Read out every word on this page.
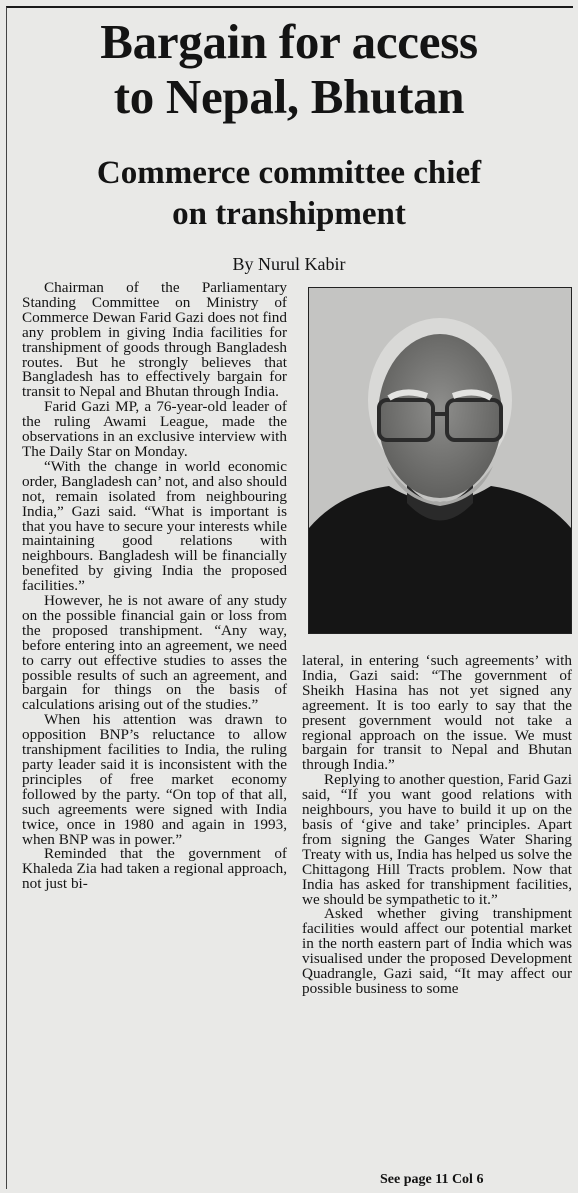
Bargain for access
to Nepal, Bhutan
Commerce committee chief
on transhipment
By Nurul Kabir

Chairman of the Parliamentary Standing Committee on Ministry of Commerce Dewan Farid Gazi does not find any problem in giving India facilities for transhipment of goods through Bangladesh routes. But he strongly believes that Bangladesh has to effectively bargain for transit to Nepal and Bhutan through India.

Farid Gazi MP, a 76-year-old leader of the ruling Awami League, made the observations in an exclusive interview with The Daily Star on Monday.

“With the change in world economic order, Bangladesh can’ not, and also should not, remain isolated from neighbouring India,” Gazi said. “What is important is that you have to secure your interests while maintaining good relations with neighbours. Bangladesh will be financially benefited by giving India the proposed facilities.”

However, he is not aware of any study on the possible financial gain or loss from the proposed transhipment. “Any way, before entering into an agreement, we need to carry out effective studies to asses the possible results of such an agreement, and bargain for things on the basis of calculations arising out of the studies.”

When his attention was drawn to opposition BNP’s reluctance to allow transhipment facilities to India, the ruling party leader said it is inconsistent with the principles of free market economy followed by the party. “On top of that all, such agreements were signed with India twice, once in 1980 and again in 1993, when BNP was in power.”

Reminded that the government of Khaleda Zia had taken a regional approach, not just bi-

lateral, in entering ‘such agreements’ with India, Gazi said: “The government of Sheikh Hasina has not yet signed any agreement. It is too early to say that the present government would not take a regional approach on the issue. We must bargain for transit to Nepal and Bhutan through India.”

Replying to another question, Farid Gazi said, “If you want good relations with neighbours, you have to build it up on the basis of ‘give and take’ principles. Apart from signing the Ganges Water Sharing Treaty with us, India has helped us solve the Chittagong Hill Tracts problem. Now that India has asked for transhipment facilities, we should be sympathetic to it.”

Asked whether giving transhipment facilities would affect our potential market in the north eastern part of India which was visualised under the proposed Development Quadrangle, Gazi said, “It may affect our possible business to some

See page 11 Col 6
